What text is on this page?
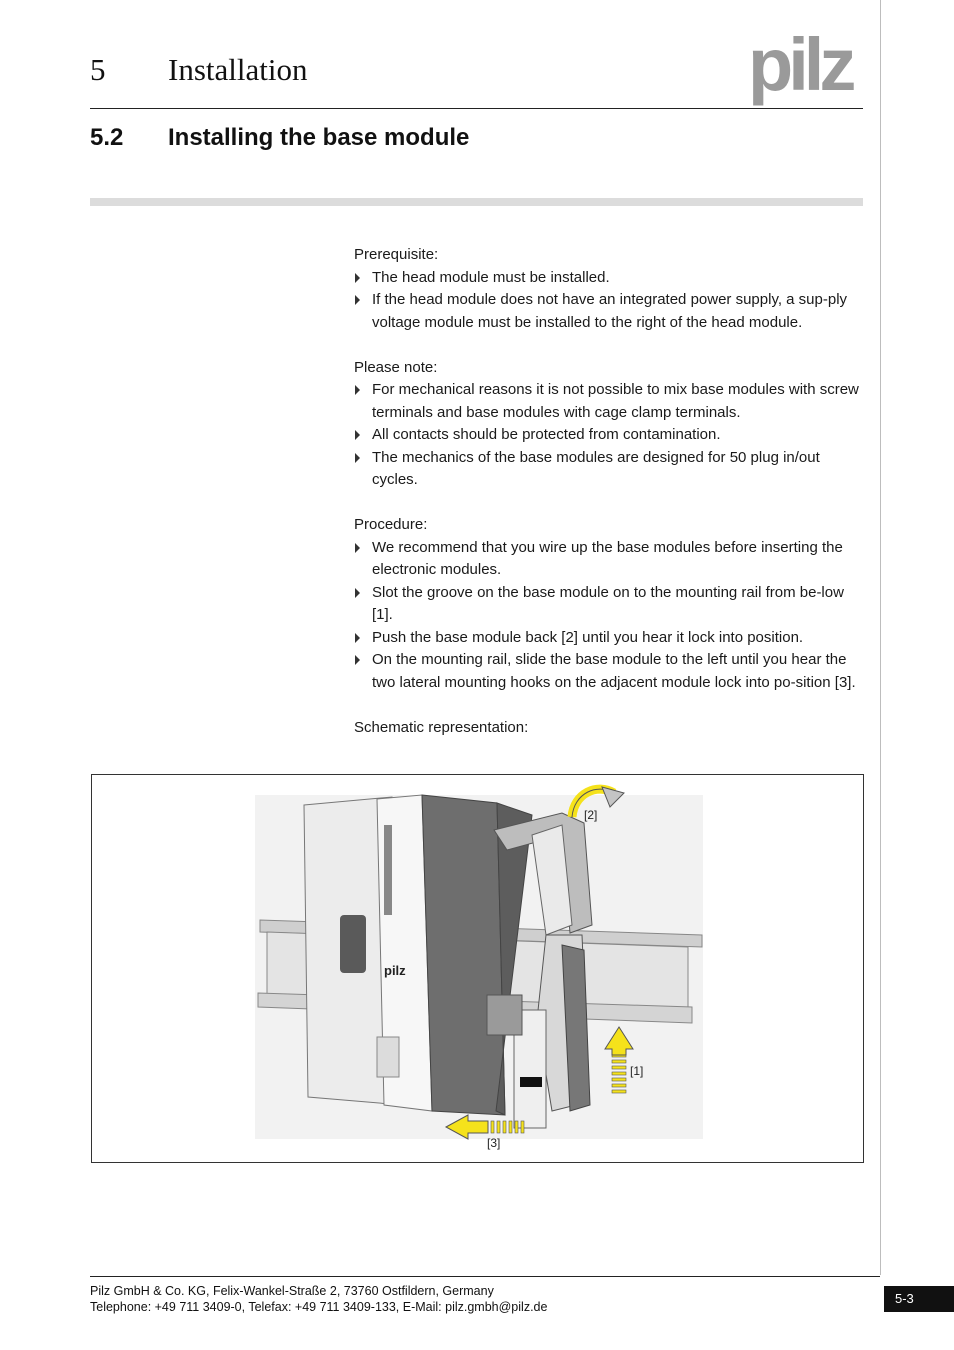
5 Installation	pilz
5.2 Installing the base module

Prerequisite:

The head module must be installed.
If the head module does not have an integrated power supply, a sup-ply voltage module must be installed to the right of the head module.

Please note:

For mechanical reasons it is not possible to mix base modules with screw terminals and base modules with cage clamp terminals.
All contacts should be protected from contamination.
The mechanics of the base modules are designed for 50 plug in/out cycles.

Procedure:

We recommend that you wire up the base modules before inserting the electronic modules.
Slot the groove on the base module on to the mounting rail from be-low [1].
Push the base module back [2] until you hear it lock into position.
On the mounting rail, slide the base module to the left until you hear the two lateral mounting hooks on the adjacent module lock into po-sition [3].

Schematic representation:

pilz
[2]
[1]
[3]
Pilz GmbH & Co. KG, Felix-Wankel-Straße 2, 73760 Ostfildern, Germany
Telephone: +49 711 3409-0, Telefax: +49 711 3409-133, E-Mail: pilz.gmbh@pilz.de
5-3
